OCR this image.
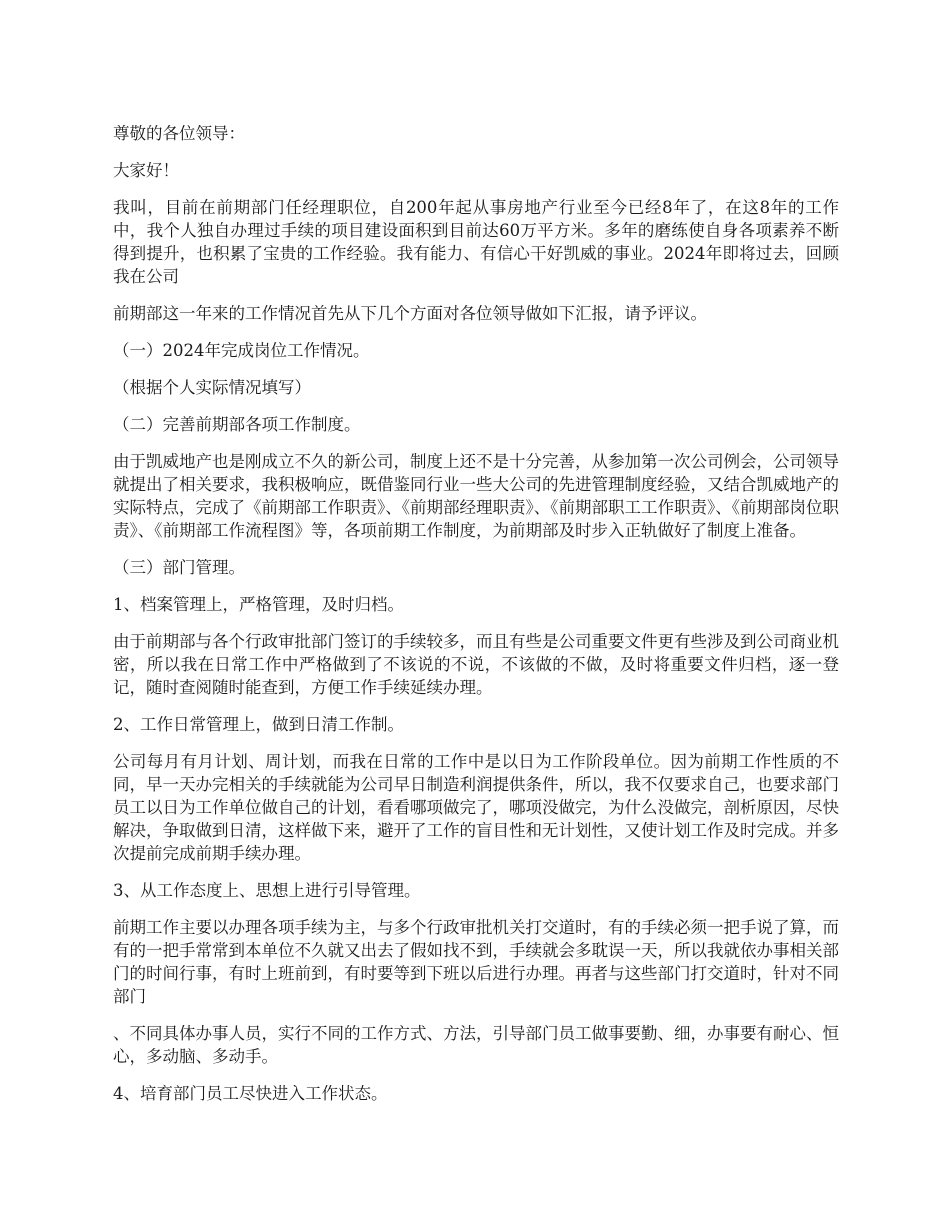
尊敬的各位领导：

大家好！

我叫，目前在前期部门任经理职位，自200年起从事房地产行业至今已经8年了，在这8年的工作中，我个人独自办理过手续的项目建设面积到目前达60万平方米。多年的磨练使自身各项素养不断得到提升，也积累了宝贵的工作经验。我有能力、有信心干好凯威的事业。2024年即将过去，回顾我在公司

前期部这一年来的工作情况首先从下几个方面对各位领导做如下汇报，请予评议。

（一）2024年完成岗位工作情况。

（根据个人实际情况填写）

（二）完善前期部各项工作制度。

由于凯威地产也是刚成立不久的新公司，制度上还不是十分完善，从参加第一次公司例会，公司领导就提出了相关要求，我积极响应，既借鉴同行业一些大公司的先进管理制度经验，又结合凯威地产的实际特点，完成了《前期部工作职责》、《前期部经理职责》、《前期部职工工作职责》、《前期部岗位职责》、《前期部工作流程图》等，各项前期工作制度，为前期部及时步入正轨做好了制度上准备。

（三）部门管理。

1、档案管理上，严格管理，及时归档。

由于前期部与各个行政审批部门签订的手续较多，而且有些是公司重要文件更有些涉及到公司商业机密，所以我在日常工作中严格做到了不该说的不说，不该做的不做，及时将重要文件归档，逐一登记，随时查阅随时能查到，方便工作手续延续办理。

2、工作日常管理上，做到日清工作制。

公司每月有月计划、周计划，而我在日常的工作中是以日为工作阶段单位。因为前期工作性质的不同，早一天办完相关的手续就能为公司早日制造利润提供条件，所以，我不仅要求自己，也要求部门员工以日为工作单位做自己的计划，看看哪项做完了，哪项没做完，为什么没做完，剖析原因，尽快解决，争取做到日清，这样做下来，避开了工作的盲目性和无计划性，又使计划工作及时完成。并多次提前完成前期手续办理。

3、从工作态度上、思想上进行引导管理。

前期工作主要以办理各项手续为主，与多个行政审批机关打交道时，有的手续必须一把手说了算，而有的一把手常常到本单位不久就又出去了假如找不到，手续就会多耽误一天，所以我就依办事相关部门的时间行事，有时上班前到，有时要等到下班以后进行办理。再者与这些部门打交道时，针对不同部门

、不同具体办事人员，实行不同的工作方式、方法，引导部门员工做事要勤、细，办事要有耐心、恒心，多动脑、多动手。

4、培育部门员工尽快进入工作状态。
